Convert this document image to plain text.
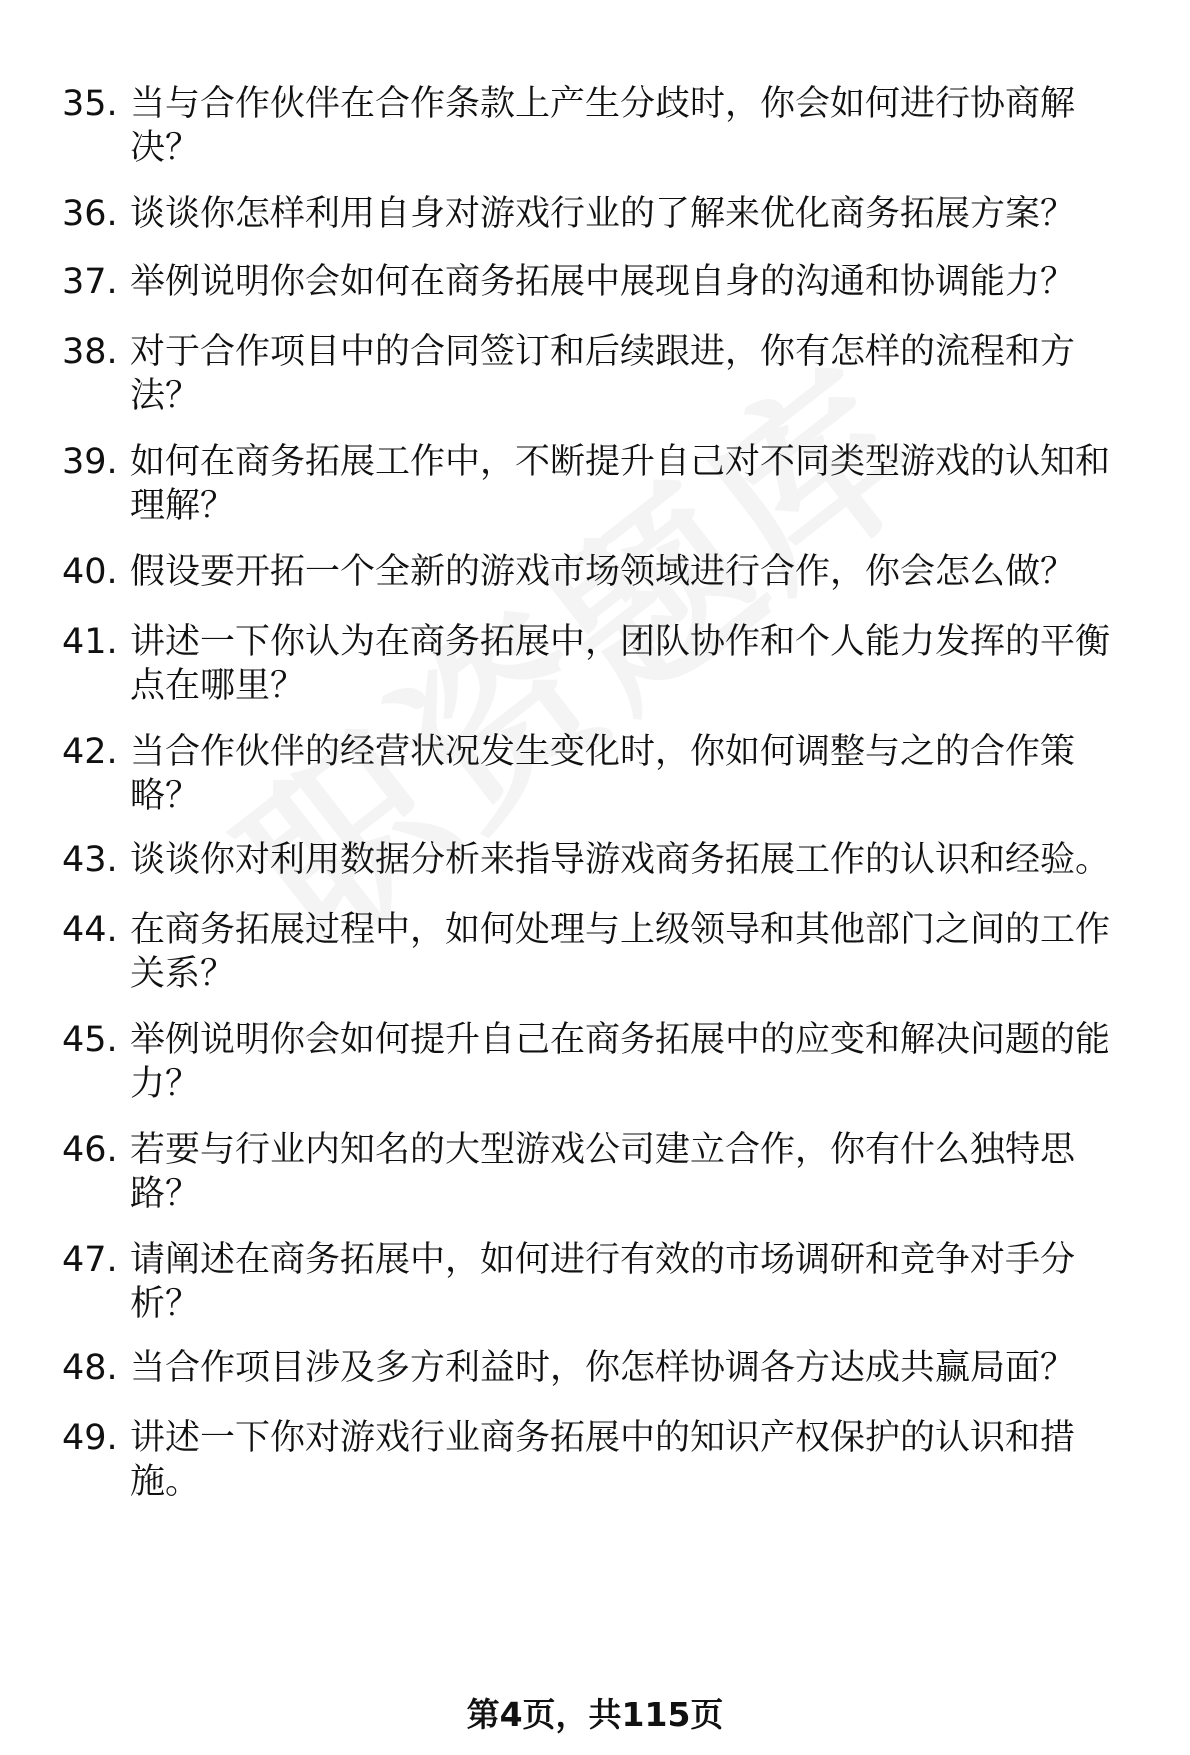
35. 当与合作伙伴在合作条款上产生分歧时，你会如何进行协商解
决？
36. 谈谈你怎样利用自身对游戏行业的了解来优化商务拓展方案？
37. 举例说明你会如何在商务拓展中展现自身的沟通和协调能力？
38. 对于合作项目中的合同签订和后续跟进，你有怎样的流程和方
法？
39. 如何在商务拓展工作中，不断提升自己对不同类型游戏的认知和
理解？
40. 假设要开拓一个全新的游戏市场领域进行合作，你会怎么做？
41. 讲述一下你认为在商务拓展中，团队协作和个人能力发挥的平衡
点在哪里？
42. 当合作伙伴的经营状况发生变化时，你如何调整与之的合作策
略？
43. 谈谈你对利用数据分析来指导游戏商务拓展工作的认识和经验。
44. 在商务拓展过程中，如何处理与上级领导和其他部门之间的工作
关系？
45. 举例说明你会如何提升自己在商务拓展中的应变和解决问题的能
力？
46. 若要与行业内知名的大型游戏公司建立合作，你有什么独特思
路？
47. 请阐述在商务拓展中，如何进行有效的市场调研和竞争对手分
析？
48. 当合作项目涉及多方利益时，你怎样协调各方达成共赢局面？
49. 讲述一下你对游戏行业商务拓展中的知识产权保护的认识和措
施。
第4页，共115页
